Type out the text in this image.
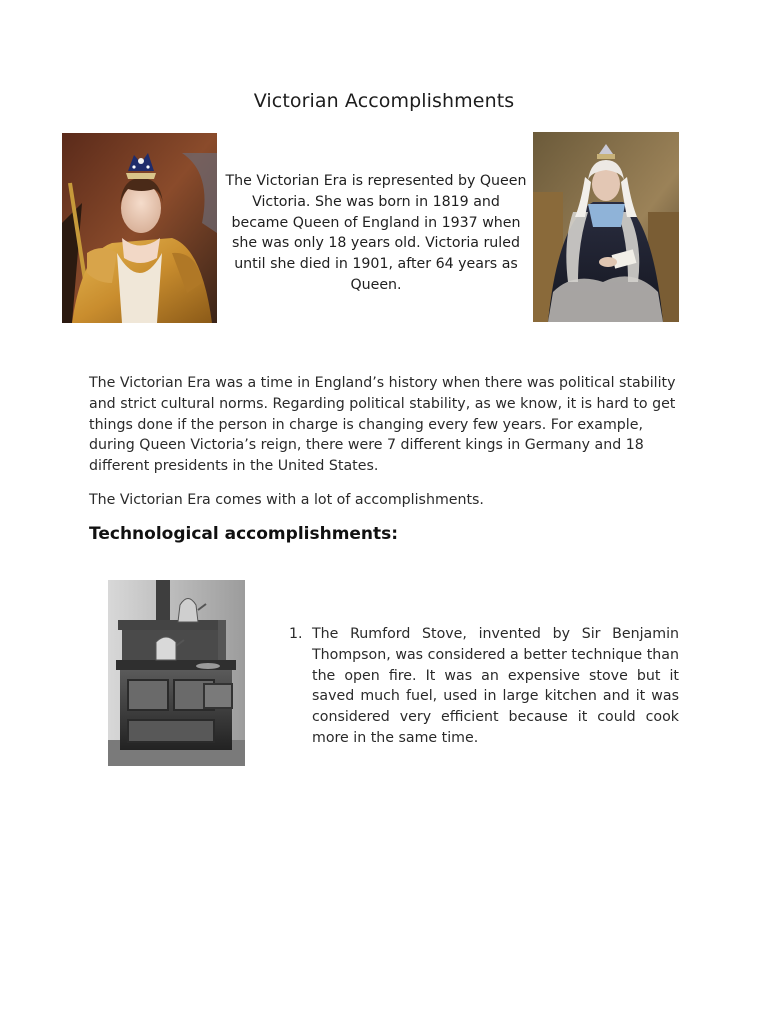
Victorian Accomplishments
The Victorian Era is represented by Queen Victoria. She was born in 1819 and became Queen of England in 1937 when she was only 18 years old. Victoria ruled until she died in 1901, after 64 years as Queen.
The Victorian Era was a time in England’s history when there was political stability and strict cultural norms. Regarding political stability, as we know, it is hard to get things done if the person in charge is changing every few years. For example, during Queen Victoria’s reign, there were 7 different kings in Germany and 18 different presidents in the United States.
The Victorian Era comes with a lot of accomplishments.
Technological accomplishments:
1. The Rumford Stove, invented by Sir Benjamin Thompson, was considered a better technique than the open fire. It was an expensive stove but it saved much fuel, used in large kitchen and it was considered very efficient because it could cook more in the same time.
